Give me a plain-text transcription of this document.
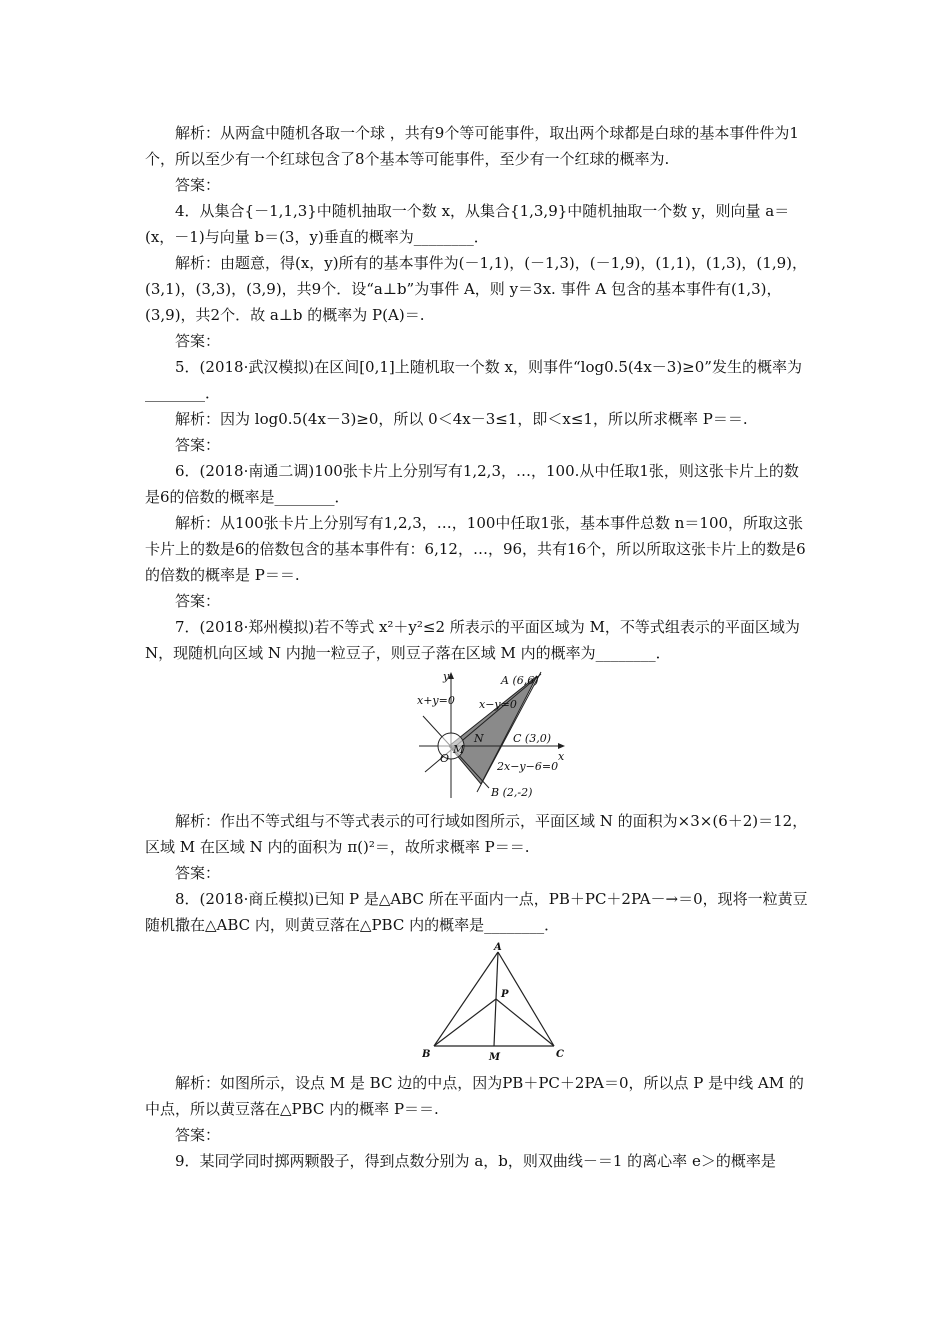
解析：从两盒中随机各取一个球 ，共有9个等可能事件，取出两个球都是白球的基本事件件为1个，所以至少有一个红球包含了8个基本等可能事件，至少有一个红球的概率为.

答案：

4．从集合{－1,1,3}中随机抽取一个数 x，从集合{1,3,9}中随机抽取一个数 y，则向量 a＝(x，－1)与向量 b＝(3，y)垂直的概率为________．

解析：由题意，得(x，y)所有的基本事件为(－1,1)，(－1,3)，(－1,9)，(1,1)，(1,3)，(1,9)，(3,1)，(3,3)，(3,9)，共9个．设“a⊥b”为事件 A，则 y＝3x. 事件 A 包含的基本事件有(1,3)，(3,9)，共2个．故 a⊥b 的概率为 P(A)＝.

答案：

5．(2018·武汉模拟)在区间[0,1]上随机取一个数 x，则事件“log0.5(4x－3)≥0”发生的概率为________．

解析：因为 log0.5(4x－3)≥0，所以 0＜4x－3≤1，即＜x≤1，所以所求概率 P＝＝.

答案：

6．(2018·南通二调)100张卡片上分别写有1,2,3，…，100.从中任取1张，则这张卡片上的数是6的倍数的概率是________．

解析：从100张卡片上分别写有1,2,3，…，100中任取1张，基本事件总数 n＝100，所取这张卡片上的数是6的倍数包含的基本事件有：6,12，…，96，共有16个，所以所取这张卡片上的数是6的倍数的概率是 P＝＝.

答案：

7．(2018·郑州模拟)若不等式 x²＋y²≤2 所表示的平面区域为 M，不等式组表示的平面区域为 N，现随机向区域 N 内抛一粒豆子，则豆子落在区域 M 内的概率为________．

y
x
A (6,6)
x+y=0 x−y=0
C (3,0)
N
M
O
2x−y−6=0
B (2,-2)

解析：作出不等式组与不等式表示的可行域如图所示，平面区域 N 的面积为×3×(6＋2)＝12，区域 M 在区域 N 内的面积为 π()²＝，故所求概率 P＝＝.

答案：

8．(2018·商丘模拟)已知 P 是△ABC 所在平面内一点，PB＋PC＋2PA－→＝0，现将一粒黄豆随机撒在△ABC 内，则黄豆落在△PBC 内的概率是________．

A
P
B	M	C

解析：如图所示，设点 M 是 BC 边的中点，因为PB＋PC＋2PA＝0，所以点 P 是中线 AM 的中点，所以黄豆落在△PBC 内的概率 P＝＝.

答案：

9．某同学同时掷两颗骰子，得到点数分别为 a，b，则双曲线－＝1 的离心率 e＞的概率是
